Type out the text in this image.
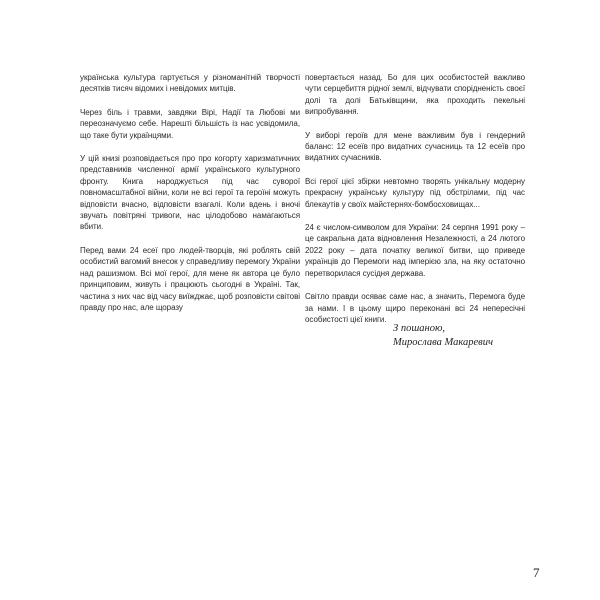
українська культура гартується у різноманітній творчості десятків тисяч відомих і невідомих митців.

Через біль і травми, завдяки Вірі, Надії та Любові ми переозначуємо себе. Нарешті більшість із нас усвідомила, що таке бути українцями.

У цій книзі розповідається про про когорту харизматичних представників численної армії українського культурного фронту. Книга народжується під час суворої повномасштабної війни, коли не всі герої та героїні можуть відповісти вчасно, відповісти взагалі. Коли вдень і вночі звучать повітряні тривоги, нас цілодобово намагаються вбити.

Перед вами 24 есеї про людей-творців, які роблять свій особистий вагомий внесок у справедливу перемогу України над рашизмом. Всі мої герої, для мене як автора це було принциповим, живуть і працюють сьогодні в Україні. Так, частина з них час від часу виїжджає, щоб розповісти світові правду про нас, але щоразу

повертається назад. Бо для цих особистостей важливо чути серцебиття рідної землі, відчувати спорідненість своєї долі та долі Батьківщини, яка проходить пекельні випробування.

У виборі героїв для мене важливим був і гендерний баланс: 12 есеїв про видатних сучасниць та 12 есеїв про видатних сучасників.

Всі герої цієї збірки невтомно творять унікальну модерну прекрасну українську культуру під обстрілами, під час блекаутів у своїх майстернях-бомбосховищах...

24 є числом-символом для України: 24 серпня 1991 року – це сакральна дата відновлення Незалежності, а 24 лютого 2022 року – дата початку великої битви, що приведе українців до Перемоги над імперією зла, на яку остаточно перетворилася сусідня держава.

Світло правди осяває саме нас, а значить, Перемога буде за нами. І в цьому щиро переконані всі 24 непересічні особистості цієї книги.

З пошаною,
Мирослава Макаревич
7
